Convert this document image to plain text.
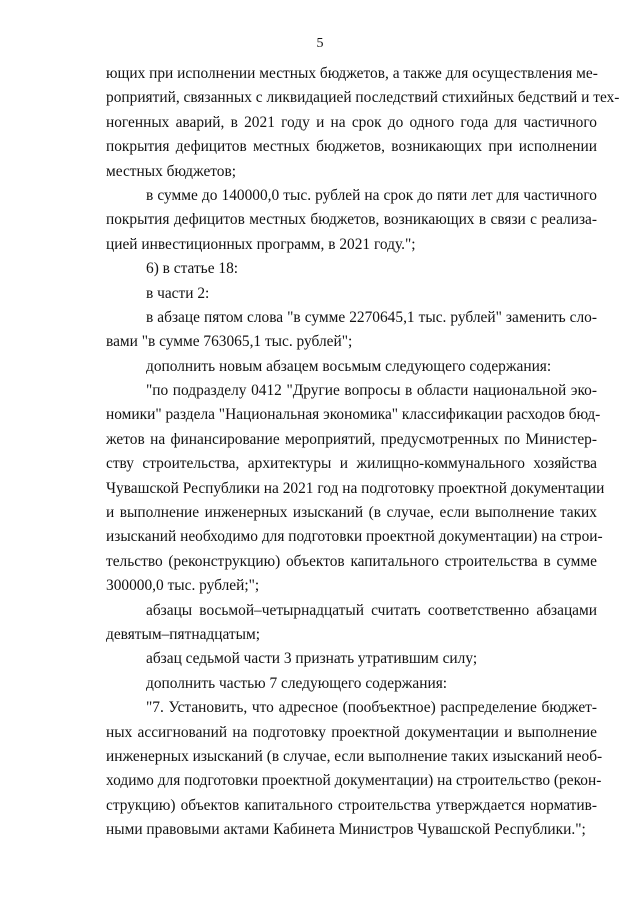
5
ющих при исполнении местных бюджетов, а также для осуществления ме-
роприятий, связанных с ликвидацией последствий стихийных бедствий и тех-
ногенных аварий, в 2021 году и на срок до одного года для частичного
покрытия дефицитов местных бюджетов, возникающих при исполнении
местных бюджетов;
в сумме до 140000,0 тыс. рублей на срок до пяти лет для частичного
покрытия дефицитов местных бюджетов, возникающих в связи с реализа-
цией инвестиционных программ, в 2021 году.";
6) в статье 18:
в части 2:
в абзаце пятом слова "в сумме 2270645,1 тыс. рублей" заменить сло-
вами "в сумме 763065,1 тыс. рублей";
дополнить новым абзацем восьмым следующего содержания:
"по подразделу 0412 "Другие вопросы в области национальной эко-
номики" раздела "Национальная экономика" классификации расходов бюд-
жетов на финансирование мероприятий, предусмотренных по Министер-
ству строительства, архитектуры и жилищно-коммунального хозяйства
Чувашской Республики на 2021 год на подготовку проектной документации
и выполнение инженерных изысканий (в случае, если выполнение таких
изысканий необходимо для подготовки проектной документации) на строи-
тельство (реконструкцию) объектов капитального строительства в сумме
300000,0 тыс. рублей;";
абзацы восьмой–четырнадцатый считать соответственно абзацами
девятым–пятнадцатым;
абзац седьмой части 3 признать утратившим силу;
дополнить частью 7 следующего содержания:
"7. Установить, что адресное (пообъектное) распределение бюджет-
ных ассигнований на подготовку проектной документации и выполнение
инженерных изысканий (в случае, если выполнение таких изысканий необ-
ходимо для подготовки проектной документации) на строительство (рекон-
струкцию) объектов капитального строительства утверждается норматив-
ными правовыми актами Кабинета Министров Чувашской Республики.";
